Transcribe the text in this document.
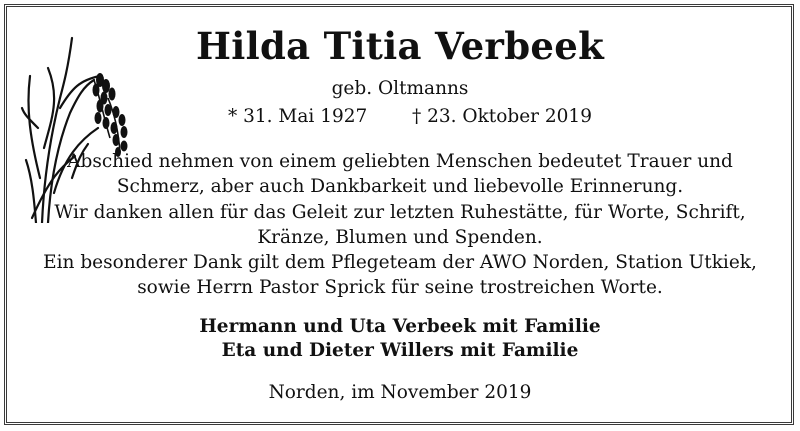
Hilda Titia Verbeek
geb. Oltmanns
* 31. Mai 1927 † 23. Oktober 2019
Abschied nehmen von einem geliebten Menschen bedeutet Trauer und
Schmerz, aber auch Dankbarkeit und liebevolle Erinnerung.
Wir danken allen für das Geleit zur letzten Ruhestätte, für Worte, Schrift,
Kränze, Blumen und Spenden.
Ein besonderer Dank gilt dem Pflegeteam der AWO Norden, Station Utkiek,
sowie Herrn Pastor Sprick für seine trostreichen Worte.
Hermann und Uta Verbeek mit Familie
Eta und Dieter Willers mit Familie
Norden, im November 2019
